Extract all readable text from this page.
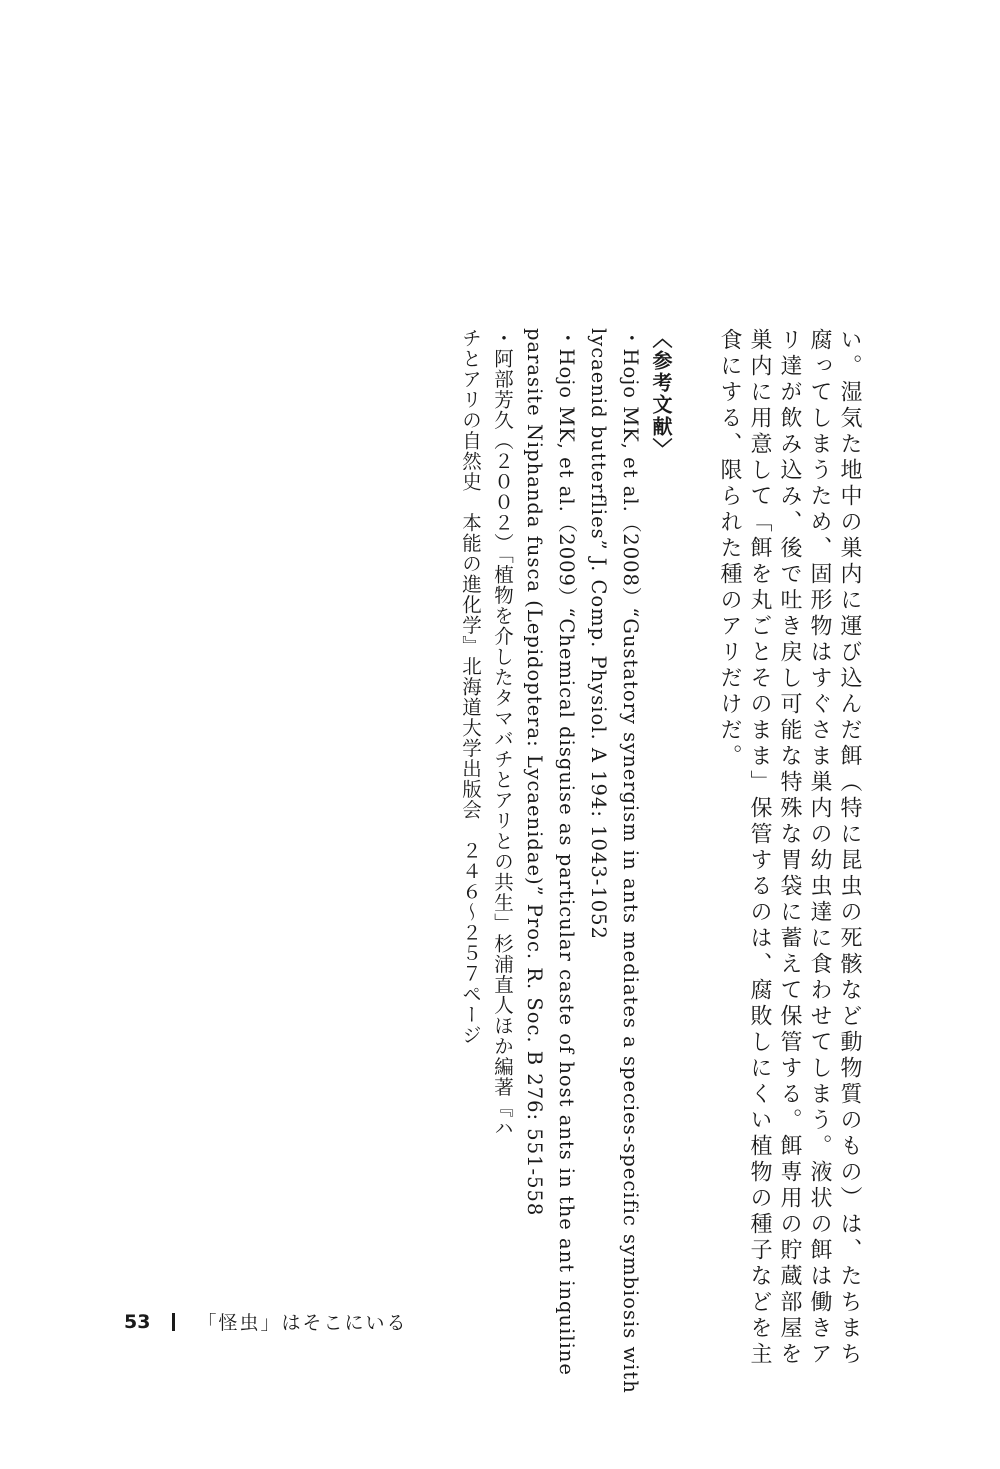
い。湿気た地中の巣内に運び込んだ餌（特に昆虫の死骸など動物質のもの）は、たちまち
腐ってしまうため、固形物はすぐさま巣内の幼虫達に食わせてしまう。液状の餌は働きア
リ達が飲み込み、後で吐き戻し可能な特殊な胃袋に蓄えて保管する。餌専用の貯蔵部屋を
巣内に用意して「餌を丸ごとそのまま」保管するのは、腐敗しにくい植物の種子などを主
食にする、限られた種のアリだけだ。
〈参考文献〉
・Hojo MK, et al.（2008）“Gustatory synergism in ants mediates a species-specific symbiosis with
lycaenid butterflies” J. Comp. Physiol. A 194: 1043-1052
・Hojo MK, et al.（2009）“Chemical disguise as particular caste of host ants in the ant inquiline
parasite Niphanda fusca (Lepidoptera: Lycaenidae)” Proc. R. Soc. B 276: 551-558
・阿部芳久（２００２）「植物を介したタマバチとアリとの共生」杉浦直人ほか編著『ハ
チとアリの自然史　本能の進化学』北海道大学出版会　２４６〜２５７ページ
53 「怪虫」はそこにいる
